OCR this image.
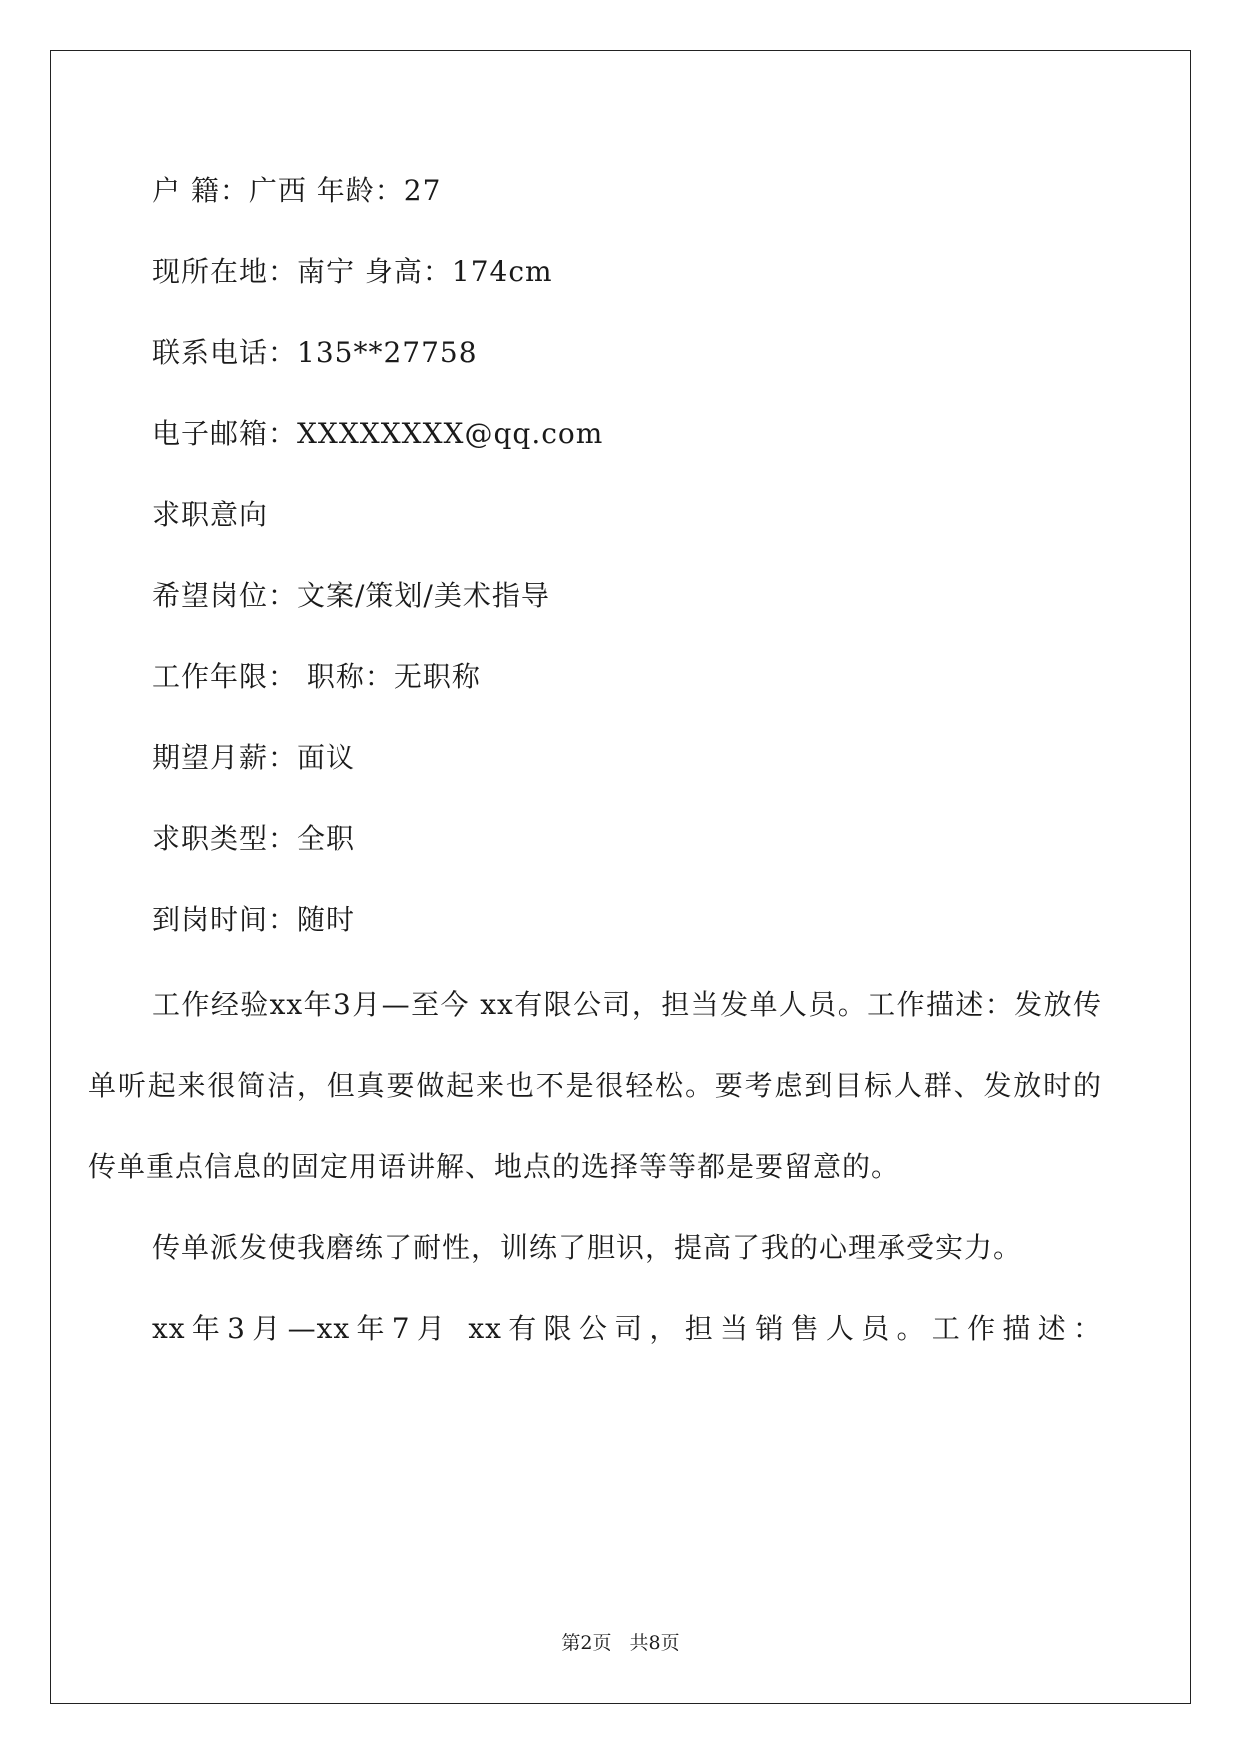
户 籍：广西 年龄：27
现所在地：南宁 身高：174cm
联系电话：135**27758
电子邮箱：XXXXXXXX@qq.com
求职意向
希望岗位：文案/策划/美术指导
工作年限： 职称：无职称
期望月薪：面议
求职类型：全职
到岗时间：随时
工作经验xx年3月—至今 xx有限公司，担当发单人员。工作描述：发放传单听起来很简洁，但真要做起来也不是很轻松。要考虑到目标人群、发放时的传单重点信息的固定用语讲解、地点的选择等等都是要留意的。
传单派发使我磨练了耐性，训练了胆识，提高了我的心理承受实力。
xx年3月—xx年7月 xx有限公司，担当销售人员。工作描述：
第2页 共8页
